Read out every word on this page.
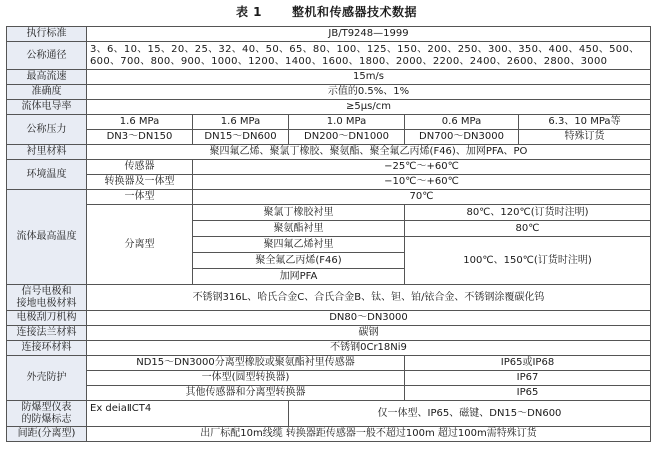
表 1	整机和传感器技术数据
执行标准	JB/T9248—1999				
公称通径	3、6、10、15、20、25、32、40、50、65、80、100、125、150、200、250、300、350、400、450、500、
600、700、800、900、1000、1200、1400、1600、1800、2000、2200、2400、2600、2800、3000				

最高流速	15m/s				
准确度	示值的0.5%、1%				
流体电导率	≥5μs/cm				
公称压力	1.6 MPa	1.6 MPa	1.0 MPa	0.6 MPa	6.3、10 MPa等
	DN3～DN150	DN15～DN600	DN200～DN1000	DN700～DN3000	特殊订货
衬里材料	聚四氟乙烯、聚氯丁橡胶、聚氨酯、聚全氟乙丙烯(F46)、加网PFA、PO				
环境温度	传感器	−25℃～+60℃			
	转换器及一体型	−10℃～+60℃			
流体最高温度	一体型	70℃			
	分离型	聚氯丁橡胶衬里		80℃、120℃(订货时注明)	
		聚氨酯衬里		80℃	
		聚四氟乙烯衬里		100℃、150℃(订货时注明)	
		聚全氟乙丙烯(F46)			
		加网PFA			

信号电极和
接地电极材料	不锈钢316L、哈氏合金C、合氏合金B、钛、钽、铂/铱合金、不锈钢涂覆碳化钨				
电极刮刀机构	DN80～DN3000				
连接法兰材料	碳钢				
连接环材料	不锈钢0Cr18Ni9				
外壳防护	ND15～DN3000分离型橡胶或聚氨酯衬里传感器			IP65或IP68	
	一体型(圆型转换器)			IP67	
	其他传感器和分离型转换器			IP65	

防爆型仪表
的防爆标志	Ex deiaⅡCT4		仅一体型、IP65、磁键、DN15～DN600		
间距(分离型)	出厂标配10m线缆 转换器距传感器一般不超过100m 超过100m需特殊订货				
